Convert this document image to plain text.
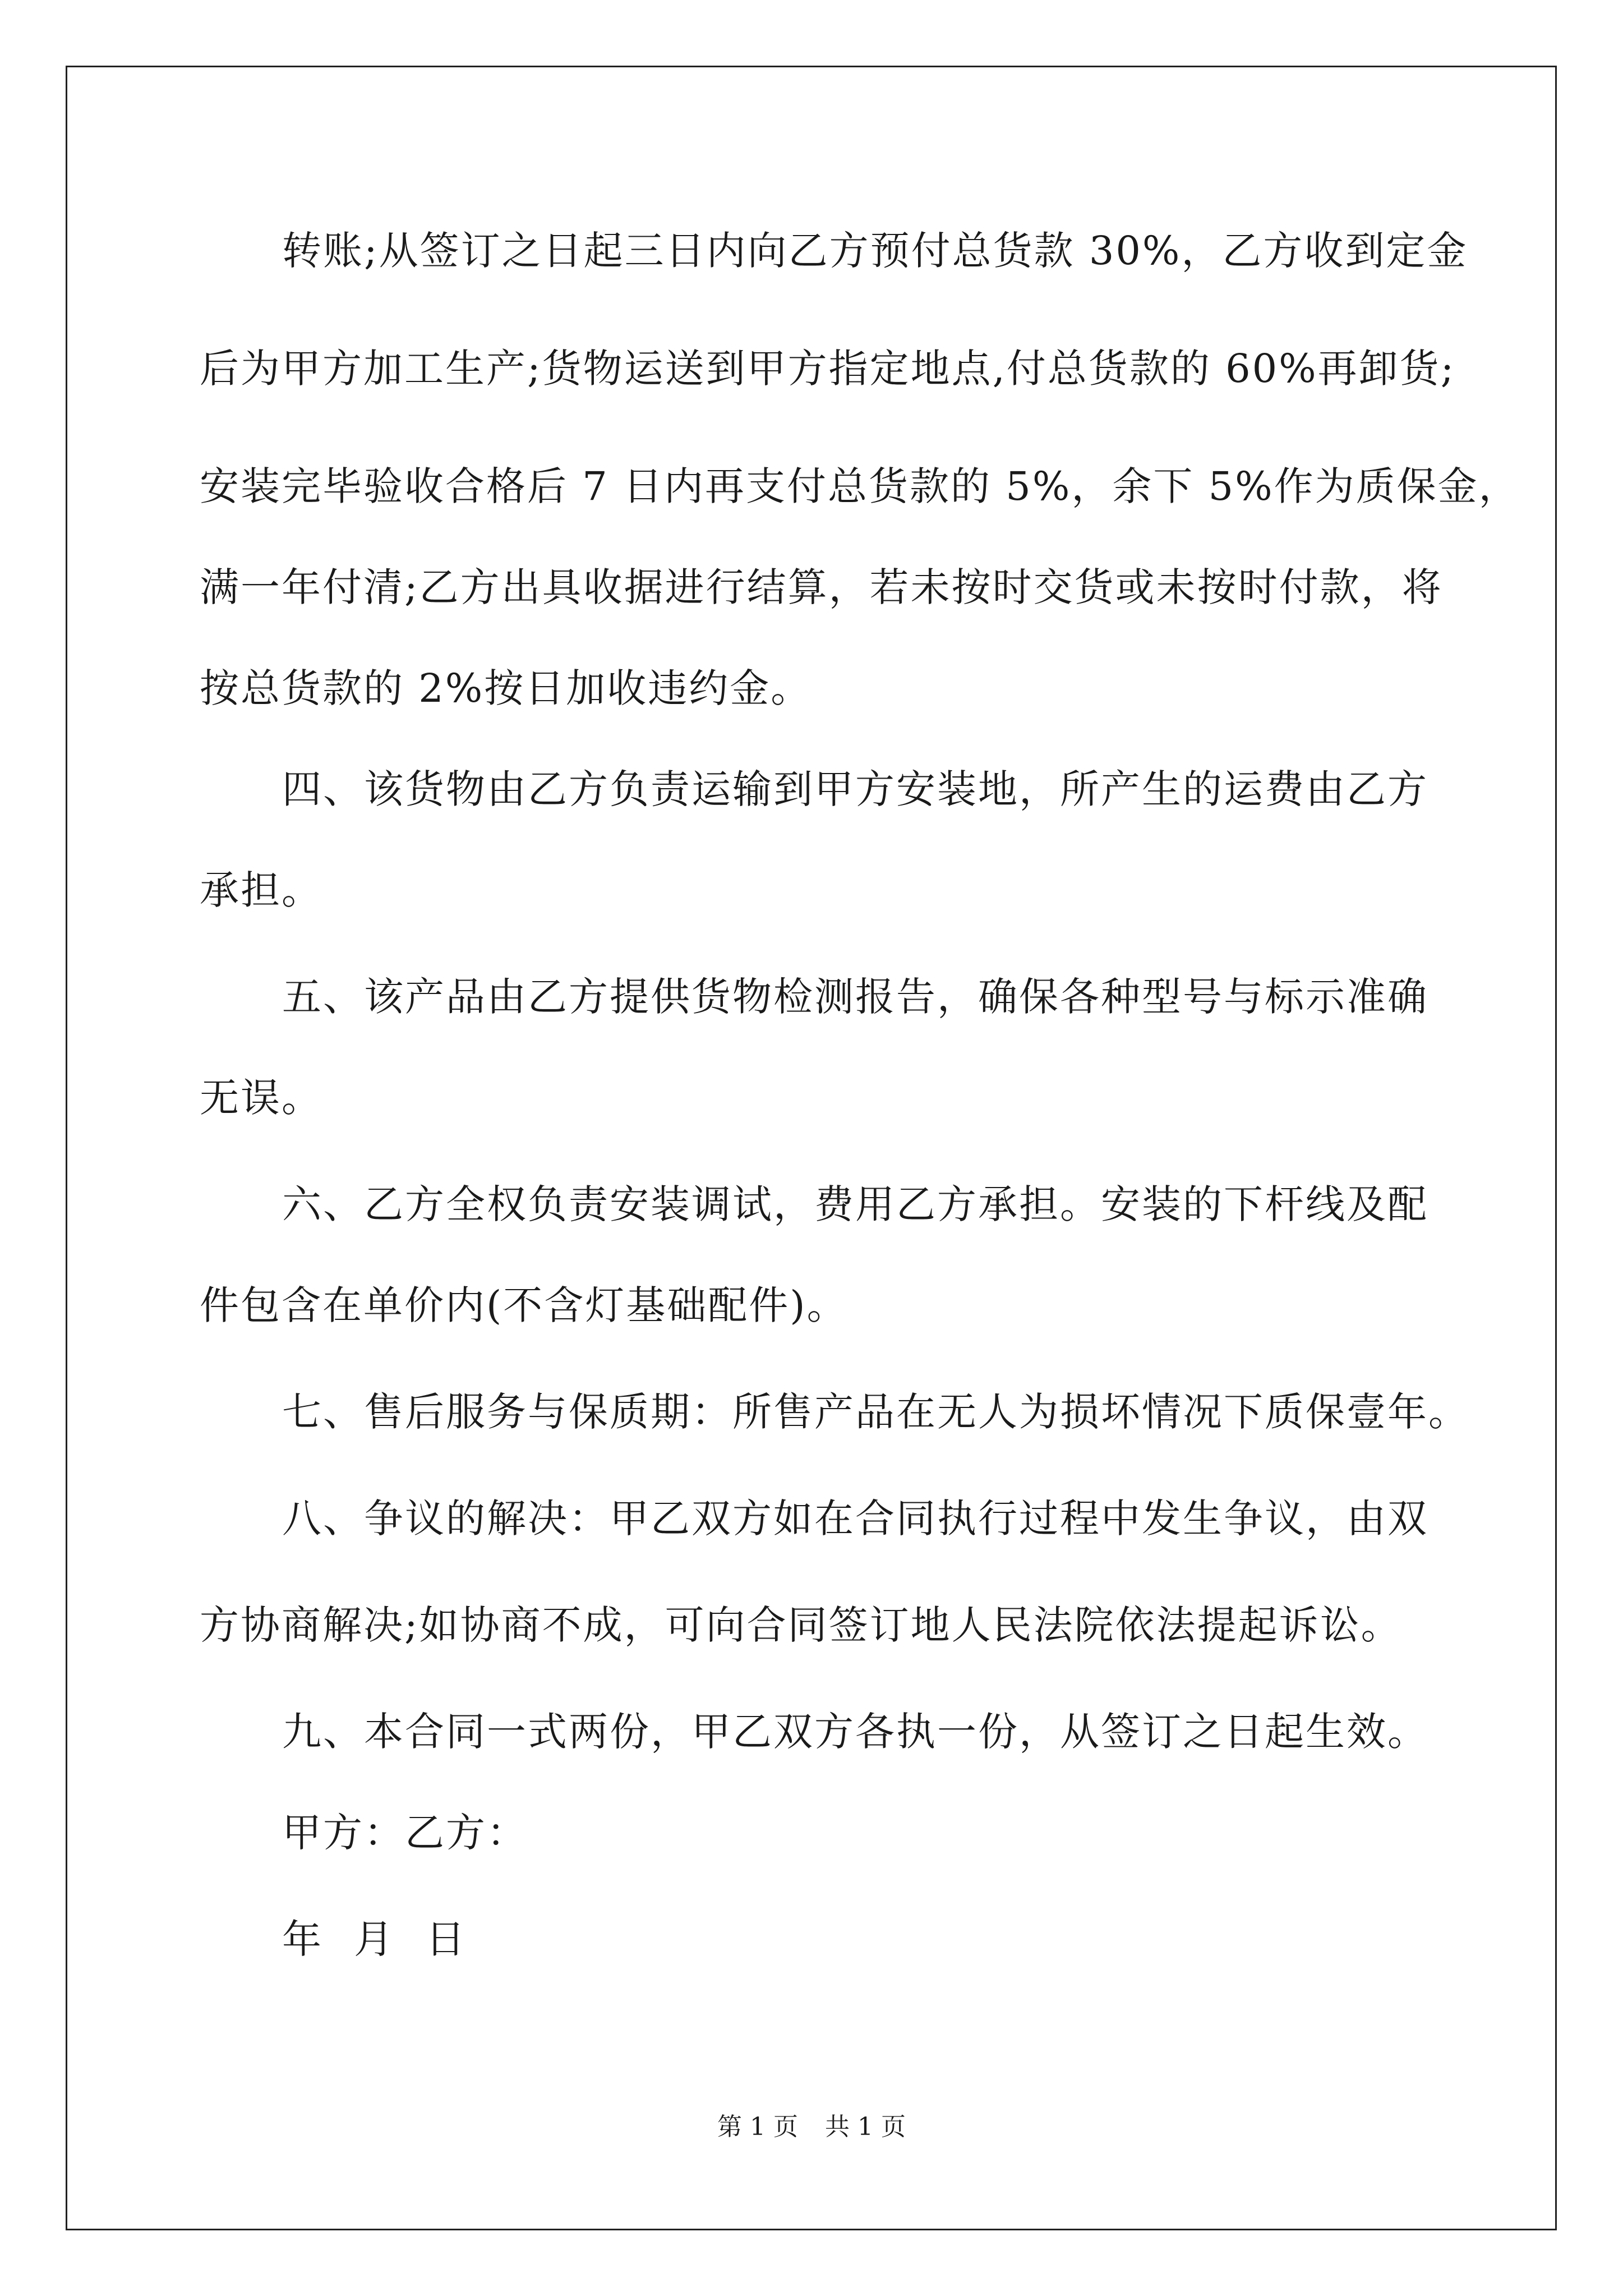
转账;从签订之日起三日内向乙方预付总货款 30%，乙方收到定金
后为甲方加工生产;货物运送到甲方指定地点,付总货款的 60%再卸货;
安装完毕验收合格后 7 日内再支付总货款的 5%，余下 5%作为质保金，
满一年付清;乙方出具收据进行结算，若未按时交货或未按时付款，将
按总货款的 2%按日加收违约金。
四、该货物由乙方负责运输到甲方安装地，所产生的运费由乙方
承担。
五、该产品由乙方提供货物检测报告，确保各种型号与标示准确
无误。
六、乙方全权负责安装调试，费用乙方承担。安装的下杆线及配
件包含在单价内(不含灯基础配件)。
七、售后服务与保质期：所售产品在无人为损坏情况下质保壹年。
八、争议的解决：甲乙双方如在合同执行过程中发生争议，由双
方协商解决;如协商不成，可向合同签订地人民法院依法提起诉讼。
九、本合同一式两份，甲乙双方各执一份，从签订之日起生效。
甲方：乙方：
年 月 日
第 1 页 共 1 页
